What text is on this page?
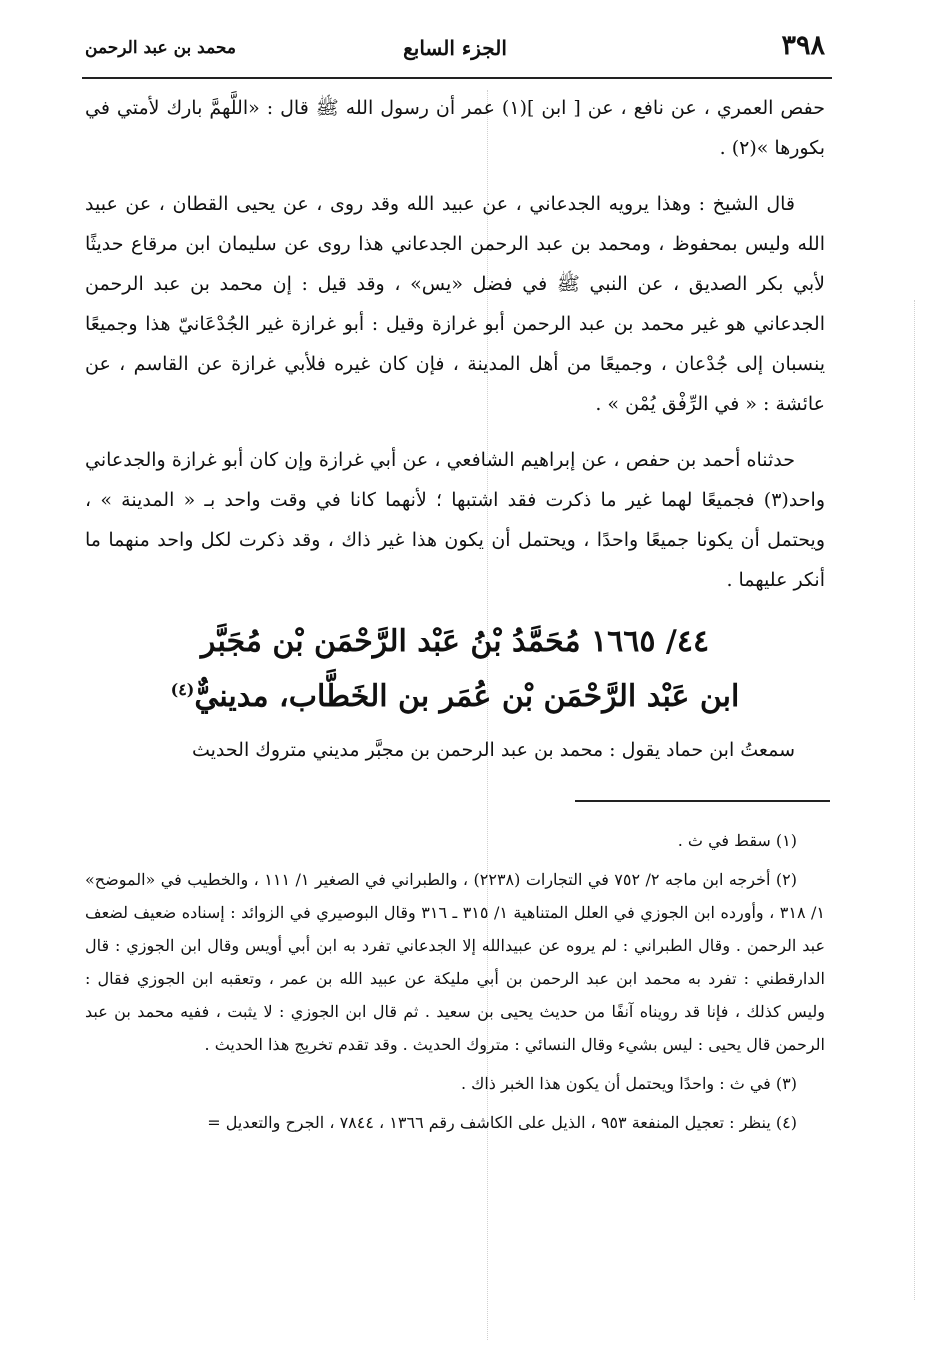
٣٩٨
الجزء السابع
محمد بن عبد الرحمن

حفص العمري ، عن نافع ، عن [ ابن ](١) عمر أن رسول الله ﷺ قال : «اللَّهمَّ بارك لأمتي في بكورها »(٢) .

قال الشيخ : وهذا يرويه الجدعاني ، عن عبيد الله وقد روى ، عن يحيى القطان ، عن عبيد الله وليس بمحفوظ ، ومحمد بن عبد الرحمن الجدعاني هذا روى عن سليمان ابن مرقاع حديثًا لأبي بكر الصديق ، عن النبي ﷺ في فضل «يس» ، وقد قيل : إن محمد بن عبد الرحمن الجدعاني هو غير محمد بن عبد الرحمن أبو غرازة وقيل : أبو غرازة غير الجُدْعَانيّ هذا وجميعًا ينسبان إلى جُدْعان ، وجميعًا من أهل المدينة ، فإن كان غيره فلأبي غرازة عن القاسم ، عن عائشة : « في الرِّفْق يُمْن » .

حدثناه أحمد بن حفص ، عن إبراهيم الشافعي ، عن أبي غرازة وإن كان أبو غرازة والجدعاني واحد(٣) فجميعًا لهما غير ما ذكرت فقد اشتبها ؛ لأنهما كانا في وقت واحد بـ « المدينة » ، ويحتمل أن يكونا جميعًا واحدًا ، ويحتمل أن يكون هذا غير ذاك ، وقد ذكرت لكل واحد منهما ما أنكر عليهما .

٤٤/ ١٦٦٥ مُحَمَّدُ بْنُ عَبْد الرَّحْمَن بْن مُجَبَّر
ابن عَبْد الرَّحْمَن بْن عُمَر بن الخَطَّاب، مدينيٌّ$^{(٤)}$
سمعتُ ابن حماد يقول : محمد بن عبد الرحمن بن مجبَّر مديني متروك الحديث

(١) سقط في ث .

(٢) أخرجه ابن ماجه ٢/ ٧٥٢ في التجارات (٢٢٣٨) ، والطبراني في الصغير ١/ ١١١ ، والخطيب في «الموضح» ١/ ٣١٨ ، وأورده ابن الجوزي في العلل المتناهية ١/ ٣١٥ ـ ٣١٦ وقال البوصيري في الزوائد : إسناده ضعيف لضعف عبد الرحمن . وقال الطبراني : لم يروه عن عبيدالله إلا الجدعاني تفرد به ابن أبي أويس وقال ابن الجوزي : قال الدارقطني : تفرد به محمد ابن عبد الرحمن بن أبي مليكة عن عبيد الله بن عمر ، وتعقبه ابن الجوزي فقال : وليس كذلك ، فإنا قد رويناه آنفًا من حديث يحيى بن سعيد . ثم قال ابن الجوزي : لا يثبت ، ففيه محمد بن عبد الرحمن قال يحيى : ليس بشيء وقال النسائي : متروك الحديث . وقد تقدم تخريج هذا الحديث .

(٣) في ث : واحدًا ويحتمل أن يكون هذا الخبر ذاك .

(٤) ينظر : تعجيل المنفعة ٩٥٣ ، الذيل على الكاشف رقم ١٣٦٦ ، ٧٨٤٤ ، الجرح والتعديل =
